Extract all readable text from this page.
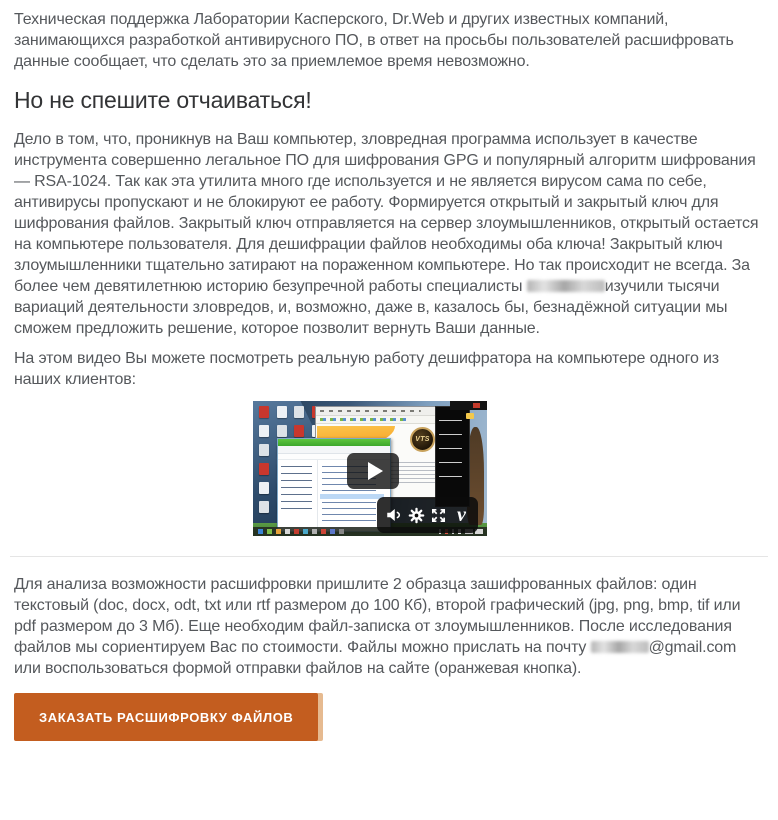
Техническая поддержка Лаборатории Касперского, Dr.Web и других известных компаний, занимающихся разработкой антивирусного ПО, в ответ на просьбы пользователей расшифровать данные сообщает, что сделать это за приемлемое время невозможно.

Но не спешите отчаиваться!

Дело в том, что, проникнув на Ваш компьютер, зловредная программа использует в качестве инструмента совершенно легальное ПО для шифрования GPG и популярный алгоритм шифрования — RSA-1024. Так как эта утилита много где используется и не является вирусом сама по себе, антивирусы пропускают и не блокируют ее работу. Формируется открытый и закрытый ключ для шифрования файлов. Закрытый ключ отправляется на сервер злоумышленников, открытый остается на компьютере пользователя. Для дешифрации файлов необходимы оба ключа! Закрытый ключ злоумышленники тщательно затирают на пораженном компьютере. Но так происходит не всегда. За более чем девятилетнюю историю безупречной работы специалисты	изучили тысячи вариаций деятельности зловредов, и, возможно, даже в, казалось бы, безнадёжной ситуации мы сможем предложить решение, которое позволит вернуть Ваши данные.

На этом видео Вы можете посмотреть реальную работу дешифратора на компьютере одного из наших клиентов:

VTS
v

Для анализа возможности расшифровки пришлите 2 образца зашифрованных файлов: один текстовый (doc, docx, odt, txt или rtf размером до 100 Кб), второй графический (jpg, png, bmp, tif или pdf размером до 3 Мб). Еще необходим файл-записка от злоумышленников. После исследования файлов мы сориентируем Вас по стоимости. Файлы можно прислать на почту	@gmail.com или воспользоваться формой отправки файлов на сайте (оранжевая кнопка).

ЗАКАЗАТЬ РАСШИФРОВКУ ФАЙЛОВ
